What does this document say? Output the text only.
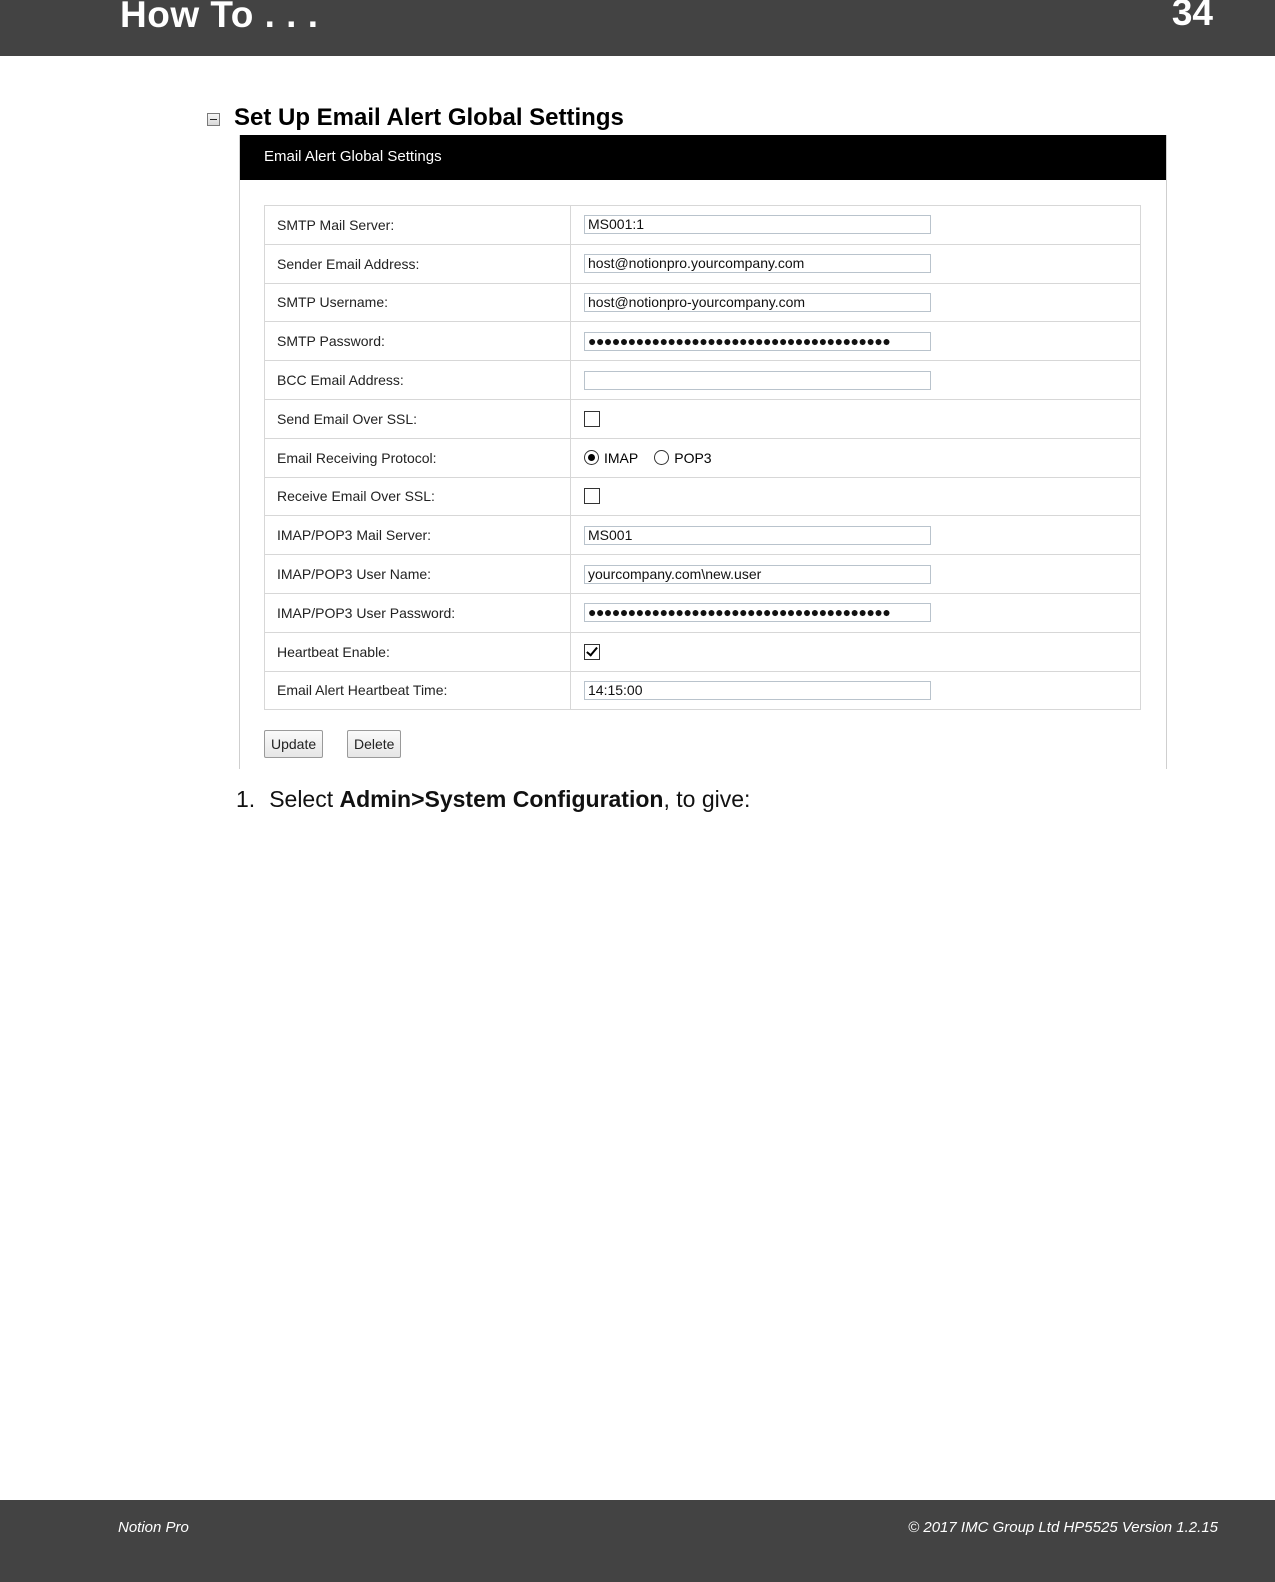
How To . . .	34
Set Up Email Alert Global Settings
Email Alert Global Settings
SMTP Mail Server:	MS001:1

Sender Email Address:	host@notionpro.yourcompany.com

SMTP Username:	host@notionpro-yourcompany.com

SMTP Password:	●●●●●●●●●●●●●●●●●●●●●●●●●●●●●●●●●●●●●●

BCC Email Address:	

Send Email Over SSL:	

Email Receiving Protocol:	IMAP POP3

Receive Email Over SSL:	

IMAP/POP3 Mail Server:	MS001

IMAP/POP3 User Name:	yourcompany.com\new.user

IMAP/POP3 User Password:	●●●●●●●●●●●●●●●●●●●●●●●●●●●●●●●●●●●●●●

Heartbeat Enable:	

Email Alert Heartbeat Time:	14:15:00
Update	Delete
1. Select Admin>System Configuration, to give:
Notion Pro	© 2017 IMC Group Ltd HP5525 Version 1.2.15
